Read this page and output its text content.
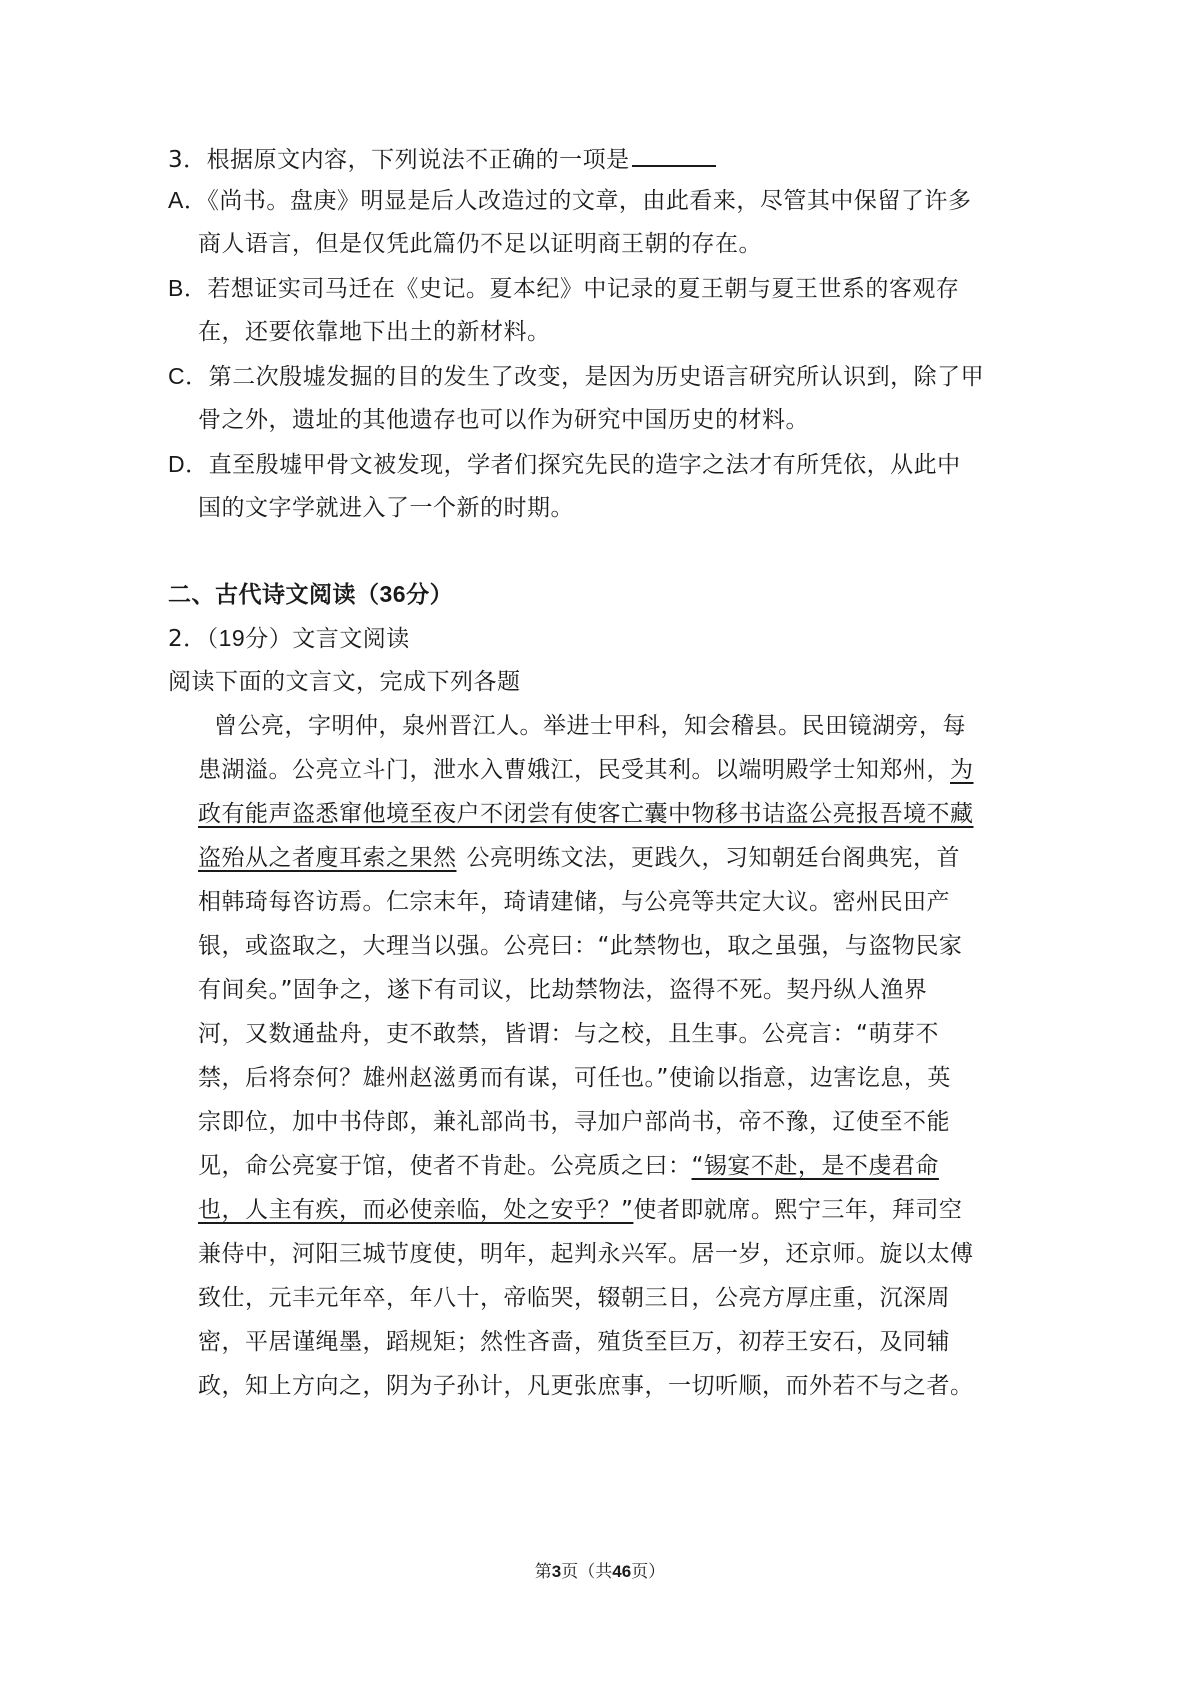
3．根据原文内容，下列说法不正确的一项是
A．《尚书。盘庚》明显是后人改造过的文章，由此看来，尽管其中保留了许多
商人语言，但是仅凭此篇仍不足以证明商王朝的存在。
B．若想证实司马迁在《史记。夏本纪》中记录的夏王朝与夏王世系的客观存
在，还要依靠地下出土的新材料。
C．第二次殷墟发掘的目的发生了改变，是因为历史语言研究所认识到，除了甲
骨之外，遗址的其他遗存也可以作为研究中国历史的材料。
D．直至殷墟甲骨文被发现，学者们探究先民的造字之法才有所凭依，从此中
国的文字学就进入了一个新的时期。
二、古代诗文阅读（36分）
2．（19分）文言文阅读
阅读下面的文言文，完成下列各题
曾公亮，字明仲，泉州晋江人。举进士甲科，知会稽县。民田镜湖旁，每
患湖溢。公亮立斗门，泄水入曹娥江，民受其利。以端明殿学士知郑州，为
政有能声盗悉窜他境至夜户不闭尝有使客亡囊中物移书诘盗公亮报吾境不藏
盗殆从之者廋耳索之果然 公亮明练文法，更践久，习知朝廷台阁典宪，首
相韩琦每咨访焉。仁宗末年，琦请建储，与公亮等共定大议。密州民田产
银，或盗取之，大理当以强。公亮曰：“此禁物也，取之虽强，与盗物民家
有间矣。”固争之，遂下有司议，比劫禁物法，盗得不死。契丹纵人渔界
河，又数通盐舟，吏不敢禁，皆谓：与之校，且生事。公亮言：“萌芽不
禁，后将奈何？雄州赵滋勇而有谋，可任也。”使谕以指意，边害讫息，英
宗即位，加中书侍郎，兼礼部尚书，寻加户部尚书，帝不豫，辽使至不能
见，命公亮宴于馆，使者不肯赴。公亮质之曰：“锡宴不赴，是不虔君命
也，人主有疾，而必使亲临，处之安乎？”使者即就席。熙宁三年，拜司空
兼侍中，河阳三城节度使，明年，起判永兴军。居一岁，还京师。旋以太傅
致仕，元丰元年卒，年八十，帝临哭，辍朝三日，公亮方厚庄重，沉深周
密，平居谨绳墨，蹈规矩；然性吝啬，殖货至巨万，初荐王安石，及同辅
政，知上方向之，阴为子孙计，凡更张庶事，一切听顺，而外若不与之者。
第3页（共46页）
